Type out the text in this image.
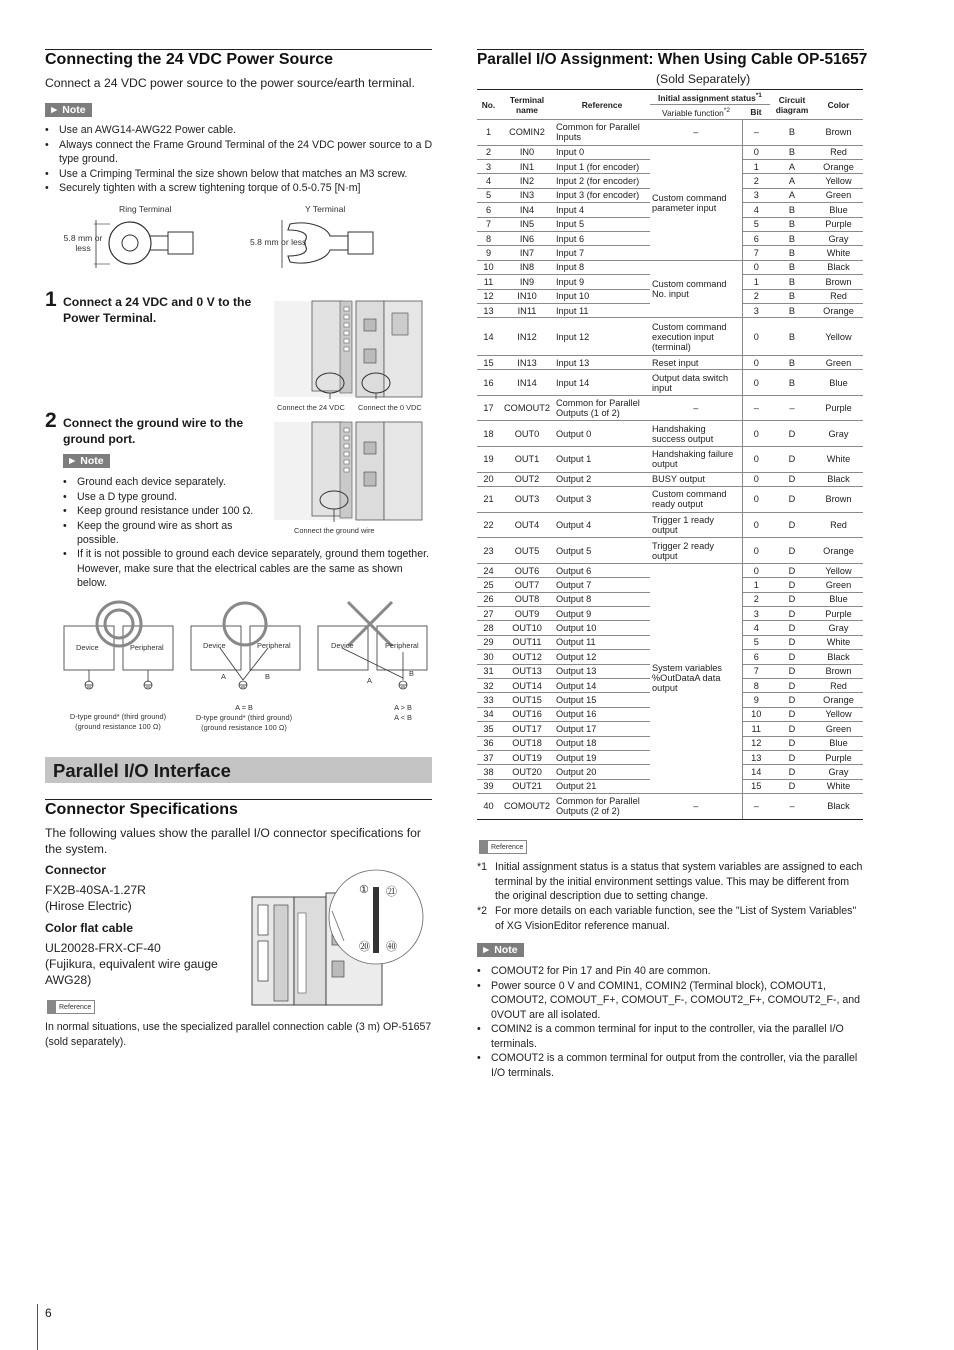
Connecting the 24 VDC Power Source
Connect a 24 VDC power source to the power source/earth terminal.
► Note
• Use an AWG14-AWG22 Power cable.
• Always connect the Frame Ground Terminal of the 24 VDC power source to a D type ground.
• Use a Crimping Terminal the size shown below that matches an M3 screw.
• Securely tighten with a screw tightening torque of 0.5-0.75 [N·m]
Ring Terminal	Y Terminal
5.8 mm or
less
5.8 mm or less
1 Connect a 24 VDC and 0 V to the Power Terminal.
Connect the 24 VDC Connect the 0 VDC
2 Connect the ground wire to the ground port.
Connect the ground wire
► Note
• Ground each device separately.
• Use a D type ground.
• Keep ground resistance under 100 Ω.
• Keep the ground wire as short as possible.
• If it is not possible to ground each device separately, ground them together. However, make sure that the electrical cables are the same as shown below.
Device	Peripheral	Device	Peripheral
A	B
Device	Peripheral
A
B
D-type ground* (third ground)
(ground resistance 100 Ω)
A = B
D-type ground* (third ground)
(ground resistance 100 Ω)
A > B
A < B
Parallel I/O Interface
Connector Specifications
The following values show the parallel I/O connector specifications for the system.
Connector
FX2B-40SA-1.27R
(Hirose Electric)
Color flat cable
UL20028-FRX-CF-40
(Fujikura, equivalent wire gauge
AWG28)
① ㉑
⑳ ㊵
Reference
In normal situations, use the specialized parallel connection cable (3 m) OP-51657 (sold separately).
Parallel I/O Assignment: When Using Cable OP-51657
(Sold Separately)
No.	Terminal name	Reference	Initial assignment status$^{*1}$		Circuit diagram	Color
			Variable function$^{*2}$	Bit		
1	COMIN2	Common for Parallel Inputs	–	–	B	Brown
2	IN0	Input 0	Custom command parameter input	0	B	Red
3	IN1	Input 1 (for encoder)		1	A	Orange
4	IN2	Input 2 (for encoder)		2	A	Yellow
5	IN3	Input 3 (for encoder)		3	A	Green
6	IN4	Input 4		4	B	Blue
7	IN5	Input 5		5	B	Purple
8	IN6	Input 6		6	B	Gray
9	IN7	Input 7		7	B	White
10	IN8	Input 8	Custom command No. input	0	B	Black
11	IN9	Input 9		1	B	Brown
12	IN10	Input 10		2	B	Red
13	IN11	Input 11		3	B	Orange
14	IN12	Input 12	Custom command execution input (terminal)	0	B	Yellow
15	IN13	Input 13	Reset input	0	B	Green
16	IN14	Input 14	Output data switch input	0	B	Blue
17	COMOUT2	Common for Parallel Outputs (1 of 2)	–	–	–	Purple
18	OUT0	Output 0	Handshaking success output	0	D	Gray
19	OUT1	Output 1	Handshaking failure output	0	D	White
20	OUT2	Output 2	BUSY output	0	D	Black
21	OUT3	Output 3	Custom command ready output	0	D	Brown
22	OUT4	Output 4	Trigger 1 ready output	0	D	Red
23	OUT5	Output 5	Trigger 2 ready output	0	D	Orange
24	OUT6	Output 6	System variables %OutDataA data output	0	D	Yellow
25	OUT7	Output 7		1	D	Green
26	OUT8	Output 8		2	D	Blue
27	OUT9	Output 9		3	D	Purple
28	OUT10	Output 10		4	D	Gray
29	OUT11	Output 11		5	D	White
30	OUT12	Output 12		6	D	Black
31	OUT13	Output 13		7	D	Brown
32	OUT14	Output 14		8	D	Red
33	OUT15	Output 15		9	D	Orange
34	OUT16	Output 16		10	D	Yellow
35	OUT17	Output 17		11	D	Green
36	OUT18	Output 18		12	D	Blue
37	OUT19	Output 19		13	D	Purple
38	OUT20	Output 20		14	D	Gray
39	OUT21	Output 21		15	D	White
40	COMOUT2	Common for Parallel Outputs (2 of 2)	–	–	–	Black
Reference
*1 Initial assignment status is a status that system variables are assigned to each terminal by the initial environment settings value. This may be different from the original description due to setting change.
*2 For more details on each variable function, see the "List of System Variables" of XG VisionEditor reference manual.
► Note
• COMOUT2 for Pin 17 and Pin 40 are common.
• Power source 0 V and COMIN1, COMIN2 (Terminal block), COMOUT1, COMOUT2, COMOUT_F+, COMOUT_F-, COMOUT2_F+, COMOUT2_F-, and 0VOUT are all isolated.
• COMIN2 is a common terminal for input to the controller, via the parallel I/O terminals.
• COMOUT2 is a common terminal for output from the controller, via the parallel I/O terminals.
6
